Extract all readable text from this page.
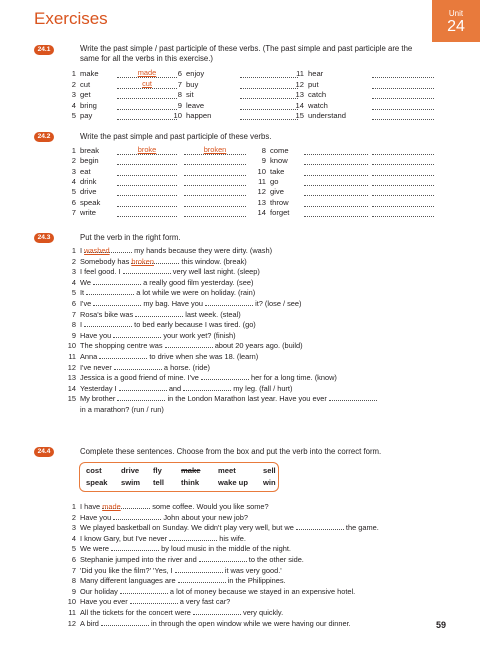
Exercises	Unit
24
24.1	Write the past simple / past participle of these verbs. (The past simple and past participle are the
same for all the verbs in this exercise.)
24.2	Write the past simple and past participle of these verbs.
24.3	Put the verb in the right form.
24.4	Complete these sentences. Choose from the box and put the verb into the correct form.
59
1 make	made
2 cut	cut
3 get
4 bring
5 pay
6 enjoy
7 buy
8 sit
9 leave
10 happen
11 hear
12 put
13 catch
14 watch
15 understand
1 break	broke	broken
2 begin
3 eat
4 drink
5 drive
6 speak
7 write
8 come
9 know
10 take
11 go
12 give
13 throw
14 forget
1 I washed	my hands because they were dirty. (wash)
2 Somebody has broken	this window. (break)
3 I feel good. I	very well last night. (sleep)
4 We	a really good film yesterday. (see)
5 It	a lot while we were on holiday. (rain)
6 I've	my bag. Have you	it? (lose / see)
7 Rosa's bike was	last week. (steal)
8 I	to bed early because I was tired. (go)
9 Have you	your work yet? (finish)
10 The shopping centre was	about 20 years ago. (build)
11 Anna	to drive when she was 18. (learn)
12 I've never	a horse. (ride)
13 Jessica is a good friend of mine. I've	her for a long time. (know)
14 Yesterday I	and	my leg. (fall / hurt)
15 My brother	in the London Marathon last year. Have you ever
in a marathon? (run / run)
cost	drive fly	make meet	sell
speak swim tell think wake up win
1 I have made	some coffee. Would you like some?
2 Have you	John about your new job?
3 We played basketball on Sunday. We didn't play very well, but we	the game.
4 I know Gary, but I've never	his wife.
5 We were	by loud music in the middle of the night.
6 Stephanie jumped into the river and	to the other side.
7 'Did you like the film?' 'Yes, I	it was very good.'
8 Many different languages are	in the Philippines.
9 Our holiday	a lot of money because we stayed in an expensive hotel.
10 Have you ever	a very fast car?
11 All the tickets for the concert were	very quickly.
12 A bird	in through the open window while we were having our dinner.
